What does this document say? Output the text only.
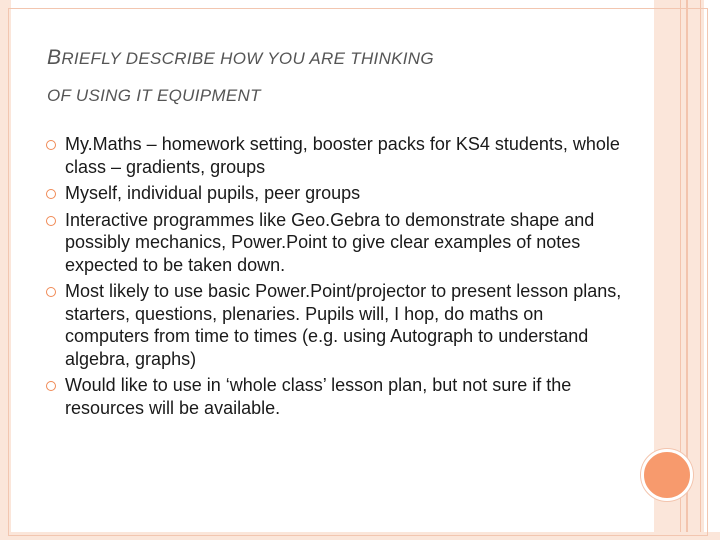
BRIEFLY DESCRIBE HOW YOU ARE THINKING
OF USING IT EQUIPMENT
My.Maths – homework setting, booster packs for KS4 students, whole class – gradients, groups
Myself, individual pupils, peer groups
Interactive programmes like Geo.Gebra to demonstrate shape and possibly mechanics, Power.Point to give clear examples of notes expected to be taken down.
Most likely to use basic Power.Point/projector to present lesson plans, starters, questions, plenaries. Pupils will, I hop, do maths on computers from time to times (e.g. using Autograph to understand algebra, graphs)
Would like to use in ‘whole class’ lesson plan, but not sure if the resources will be available.
